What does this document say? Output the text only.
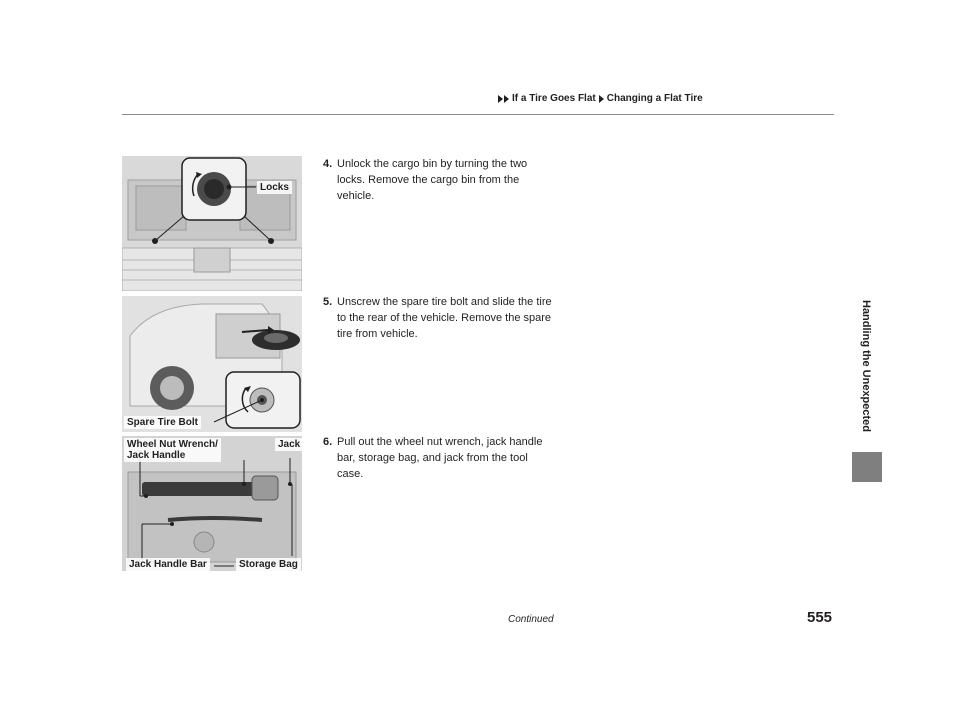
If a Tire Goes Flat Changing a Flat Tire
Locks
Spare Tire Bolt
Wheel Nut Wrench/
Jack Handle
Jack
Jack Handle Bar	Storage Bag
4. Unlock the cargo bin by turning the two locks. Remove the cargo bin from the vehicle.
5. Unscrew the spare tire bolt and slide the tire to the rear of the vehicle. Remove the spare tire from vehicle.
6. Pull out the wheel nut wrench, jack handle bar, storage bag, and jack from the tool case.
Handling the Unexpected
Continued	555
